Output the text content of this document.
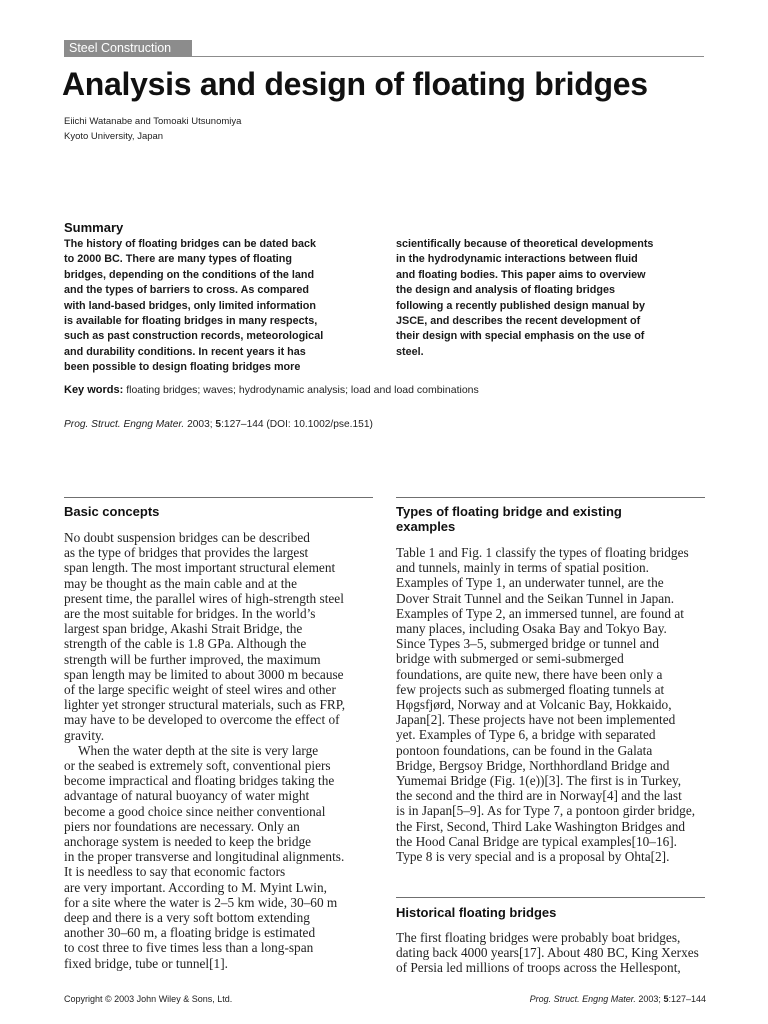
Steel Construction
Analysis and design of floating bridges
Eiichi Watanabe and Tomoaki Utsunomiya
Kyoto University, Japan
Summary
The history of floating bridges can be dated back
to 2000 BC. There are many types of floating
bridges, depending on the conditions of the land
and the types of barriers to cross. As compared
with land-based bridges, only limited information
is available for floating bridges in many respects,
such as past construction records, meteorological
and durability conditions. In recent years it has
been possible to design floating bridges more
scientifically because of theoretical developments
in the hydrodynamic interactions between fluid
and floating bodies. This paper aims to overview
the design and analysis of floating bridges
following a recently published design manual by
JSCE, and describes the recent development of
their design with special emphasis on the use of
steel.
Key words: floating bridges; waves; hydrodynamic analysis; load and load combinations
Prog. Struct. Engng Mater. 2003; 5:127–144 (DOI: 10.1002/pse.151)
Basic concepts
No doubt suspension bridges can be described
as the type of bridges that provides the largest
span length. The most important structural element
may be thought as the main cable and at the
present time, the parallel wires of high-strength steel
are the most suitable for bridges. In the world’s
largest span bridge, Akashi Strait Bridge, the
strength of the cable is 1.8 GPa. Although the
strength will be further improved, the maximum
span length may be limited to about 3000 m because
of the large specific weight of steel wires and other
lighter yet stronger structural materials, such as FRP,
may have to be developed to overcome the effect of
gravity.
When the water depth at the site is very large
or the seabed is extremely soft, conventional piers
become impractical and floating bridges taking the
advantage of natural buoyancy of water might
become a good choice since neither conventional
piers nor foundations are necessary. Only an
anchorage system is needed to keep the bridge
in the proper transverse and longitudinal alignments.
It is needless to say that economic factors
are very important. According to M. Myint Lwin,
for a site where the water is 2–5 km wide, 30–60 m
deep and there is a very soft bottom extending
another 30–60 m, a floating bridge is estimated
to cost three to five times less than a long-span
fixed bridge, tube or tunnel[1].
Types of floating bridge and existing
examples
Table 1 and Fig. 1 classify the types of floating bridges
and tunnels, mainly in terms of spatial position.
Examples of Type 1, an underwater tunnel, are the
Dover Strait Tunnel and the Seikan Tunnel in Japan.
Examples of Type 2, an immersed tunnel, are found at
many places, including Osaka Bay and Tokyo Bay.
Since Types 3–5, submerged bridge or tunnel and
bridge with submerged or semi-submerged
foundations, are quite new, there have been only a
few projects such as submerged floating tunnels at
Hφgsfjørd, Norway and at Volcanic Bay, Hokkaido,
Japan[2]. These projects have not been implemented
yet. Examples of Type 6, a bridge with separated
pontoon foundations, can be found in the Galata
Bridge, Bergsoy Bridge, Northhordland Bridge and
Yumemai Bridge (Fig. 1(e))[3]. The first is in Turkey,
the second and the third are in Norway[4] and the last
is in Japan[5–9]. As for Type 7, a pontoon girder bridge,
the First, Second, Third Lake Washington Bridges and
the Hood Canal Bridge are typical examples[10–16].
Type 8 is very special and is a proposal by Ohta[2].
Historical floating bridges
The first floating bridges were probably boat bridges,
dating back 4000 years[17]. About 480 BC, King Xerxes
of Persia led millions of troops across the Hellespont,
Copyright © 2003 John Wiley & Sons, Ltd.	Prog. Struct. Engng Mater. 2003; 5:127–144
